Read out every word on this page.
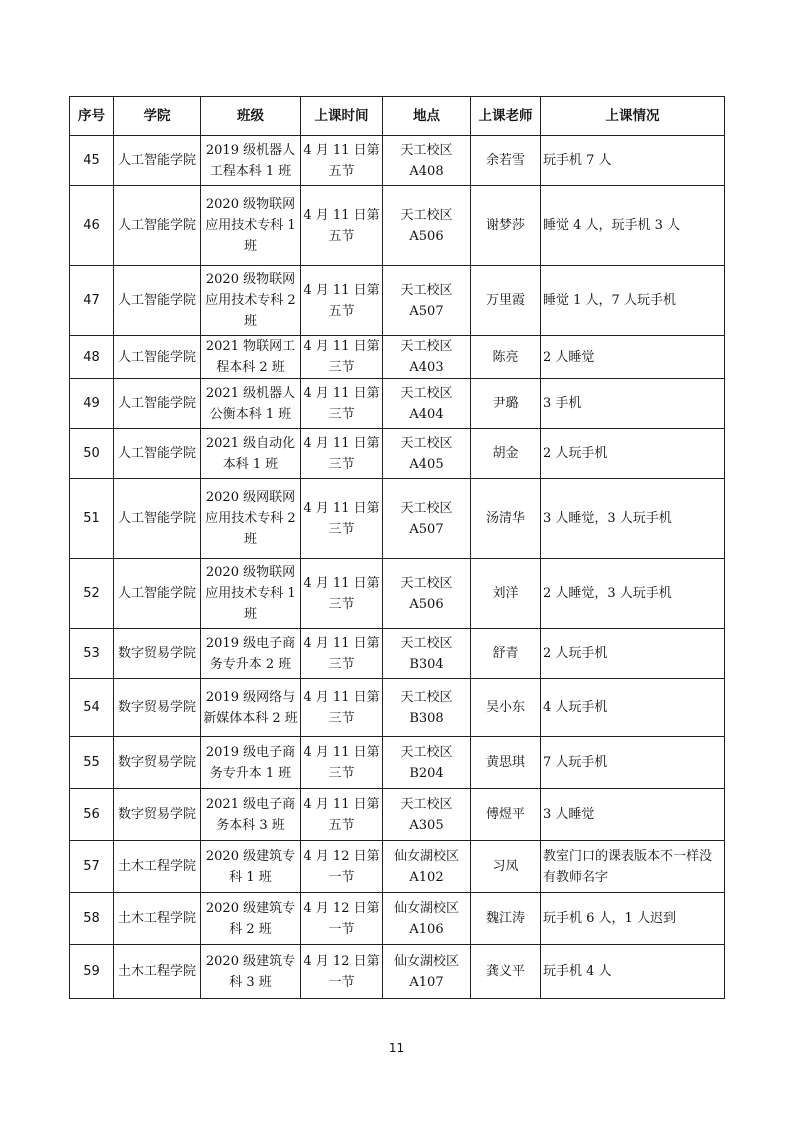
序号	学院	班级	上课时间	地点	上课老师	上课情况
45	人工智能学院	2019 级机器人工程本科 1 班	4 月 11 日第五节	天工校区 A408	余若雪	玩手机 7 人
46	人工智能学院	2020 级物联网应用技术专科 1 班	4 月 11 日第五节	天工校区 A506	谢梦莎	睡觉 4 人，玩手机 3 人
47	人工智能学院	2020 级物联网应用技术专科 2 班	4 月 11 日第五节	天工校区 A507	万里霞	睡觉 1 人，7 人玩手机
48	人工智能学院	2021 物联网工程本科 2 班	4 月 11 日第三节	天工校区 A403	陈亮	2 人睡觉
49	人工智能学院	2021 级机器人公衡本科 1 班	4 月 11 日第三节	天工校区 A404	尹璐	3 手机
50	人工智能学院	2021 级自动化本科 1 班	4 月 11 日第三节	天工校区 A405	胡金	2 人玩手机
51	人工智能学院	2020 级网联网应用技术专科 2 班	4 月 11 日第三节	天工校区 A507	汤清华	3 人睡觉，3 人玩手机
52	人工智能学院	2020 级物联网应用技术专科 1 班	4 月 11 日第三节	天工校区 A506	刘洋	2 人睡觉，3 人玩手机
53	数字贸易学院	2019 级电子商务专升本 2 班	4 月 11 日第三节	天工校区 B304	舒青	2 人玩手机
54	数字贸易学院	2019 级网络与新媒体本科 2 班	4 月 11 日第三节	天工校区 B308	吴小东	4 人玩手机
55	数字贸易学院	2019 级电子商务专升本 1 班	4 月 11 日第三节	天工校区 B204	黄思琪	7 人玩手机
56	数字贸易学院	2021 级电子商务本科 3 班	4 月 11 日第五节	天工校区 A305	傅煜平	3 人睡觉
57	土木工程学院	2020 级建筑专科 1 班	4 月 12 日第一节	仙女湖校区 A102	习凤	教室门口的课表版本不一样没有教师名字
58	土木工程学院	2020 级建筑专科 2 班	4 月 12 日第一节	仙女湖校区 A106	魏江涛	玩手机 6 人，1 人迟到
59	土木工程学院	2020 级建筑专科 3 班	4 月 12 日第一节	仙女湖校区 A107	龚义平	玩手机 4 人
11
